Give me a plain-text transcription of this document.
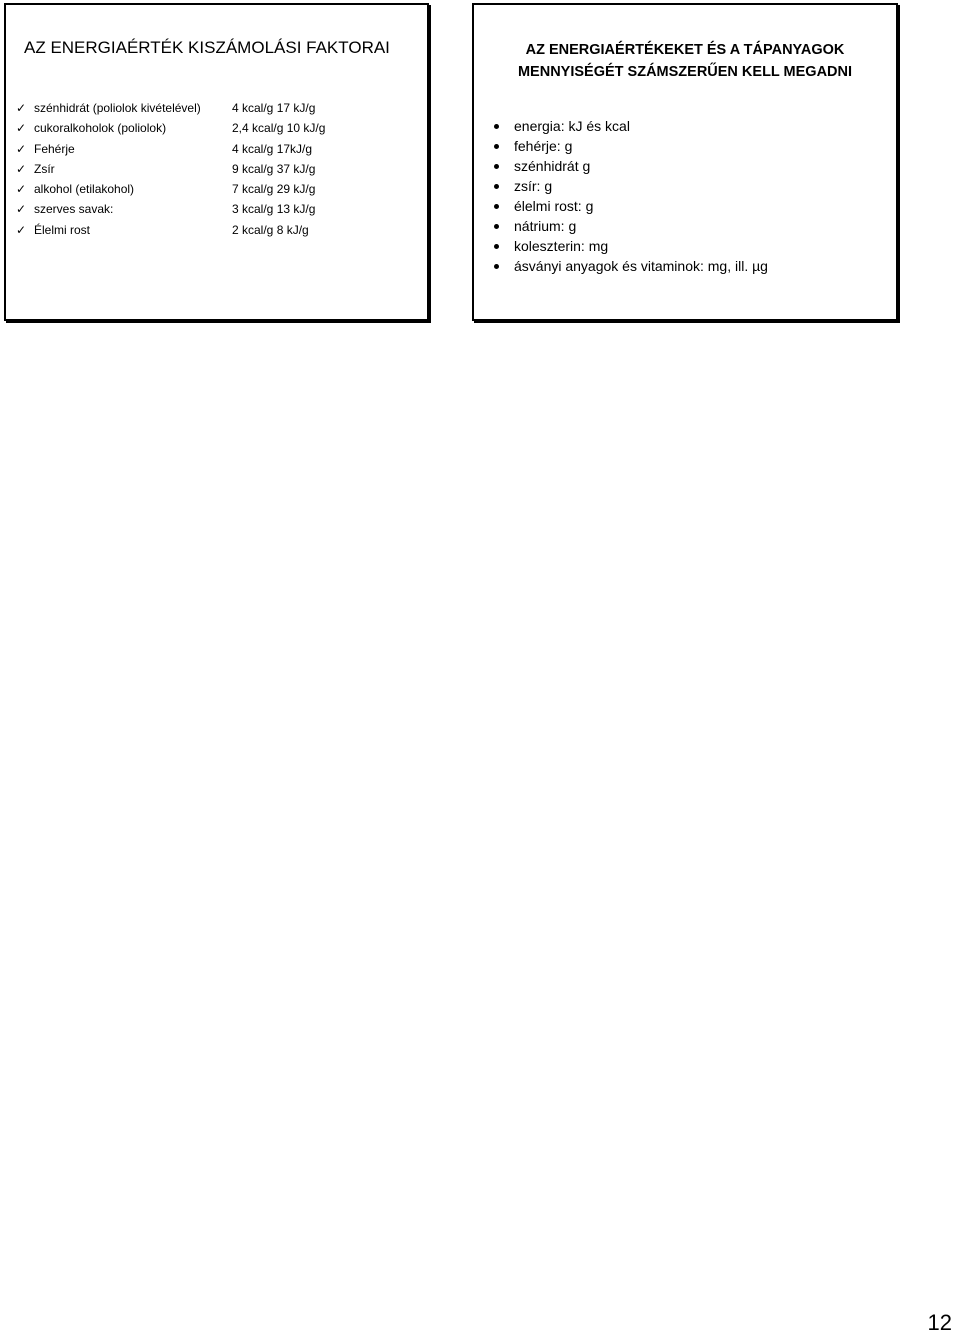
AZ ENERGIAÉRTÉK KISZÁMOLÁSI FAKTORAI
✓ szénhidrát (poliolok kivételével)	4 kcal/g 17 kJ/g
✓ cukoralkoholok (poliolok)	2,4 kcal/g 10 kJ/g
✓ Fehérje	4 kcal/g 17kJ/g
✓ Zsír	9 kcal/g 37 kJ/g
✓ alkohol (etilakohol)	7 kcal/g 29 kJ/g
✓ szerves savak:	3 kcal/g 13 kJ/g
✓ Élelmi rost	2 kcal/g 8 kJ/g
AZ ENERGIAÉRTÉKEKET ÉS A TÁPANYAGOK
MENNYISÉGÉT SZÁMSZERŰEN KELL MEGADNI
energia: kJ és kcal
fehérje: g
szénhidrát g
zsír: g
élelmi rost: g
nátrium: g
koleszterin: mg
ásványi anyagok és vitaminok: mg, ill. µg
12
